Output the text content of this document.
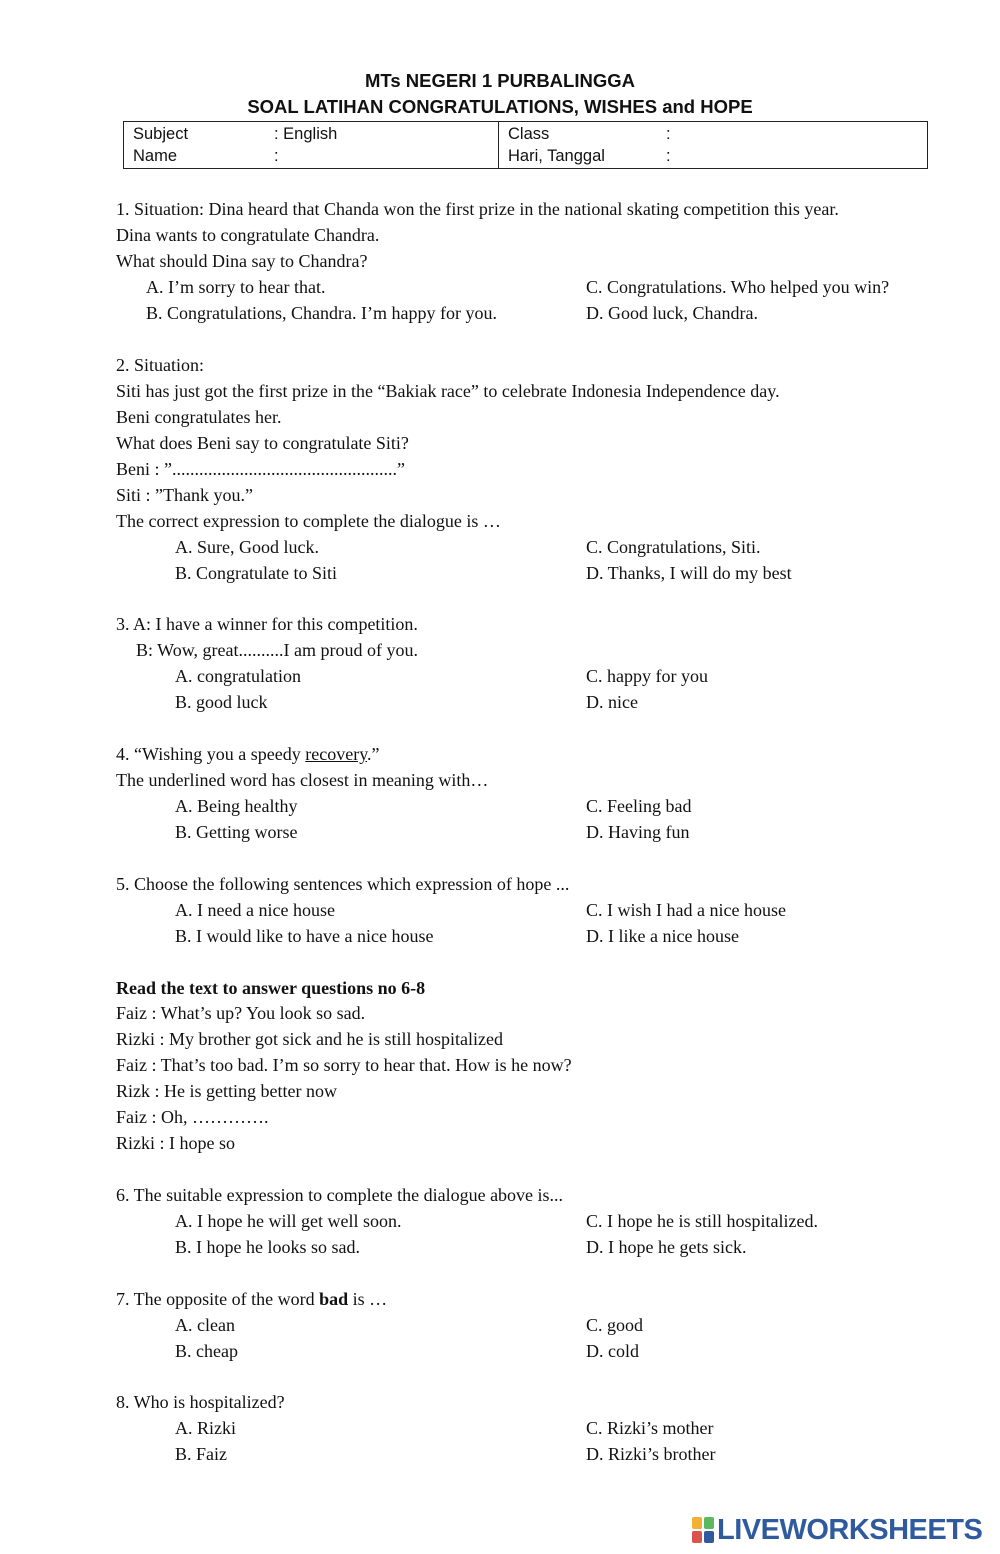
MTs NEGERI 1 PURBALINGGA
SOAL LATIHAN CONGRATULATIONS, WISHES and HOPE
Subject	: English
Name	:
Class	:
Hari, Tanggal	:
1. Situation: Dina heard that Chanda won the first prize in the national skating competition this year.
Dina wants to congratulate Chandra.
What should Dina say to Chandra?
A. I’m sorry to hear that.
B. Congratulations, Chandra. I’m happy for you.
C. Congratulations. Who helped you win?
D. Good luck, Chandra.
2. Situation:
Siti has just got the first prize in the “Bakiak race” to celebrate Indonesia Independence day.
Beni congratulates her.
What does Beni say to congratulate Siti?
Beni : ”..................................................”
Siti : ”Thank you.”
The correct expression to complete the dialogue is …
A. Sure, Good luck.
B. Congratulate to Siti
C. Congratulations, Siti.
D. Thanks, I will do my best
3. A: I have a winner for this competition.
B: Wow, great..........I am proud of you.
A. congratulation
B. good luck
C. happy for you
D. nice
4. “Wishing you a speedy recovery.”
The underlined word has closest in meaning with…
A. Being healthy
B. Getting worse
C. Feeling bad
D. Having fun
5. Choose the following sentences which expression of hope ...
A. I need a nice house
B. I would like to have a nice house
C. I wish I had a nice house
D. I like a nice house
Read the text to answer questions no 6-8
Faiz : What’s up? You look so sad.
Rizki : My brother got sick and he is still hospitalized
Faiz : That’s too bad. I’m so sorry to hear that. How is he now?
Rizk : He is getting better now
Faiz : Oh, ………….
Rizki : I hope so
6. The suitable expression to complete the dialogue above is...
A. I hope he will get well soon.
B. I hope he looks so sad.
C. I hope he is still hospitalized.
D. I hope he gets sick.
7. The opposite of the word bad is …
A. clean
B. cheap
C. good
D. cold
8. Who is hospitalized?
A. Rizki
B. Faiz
C. Rizki’s mother
D. Rizki’s brother
LIVEWORKSHEETS
